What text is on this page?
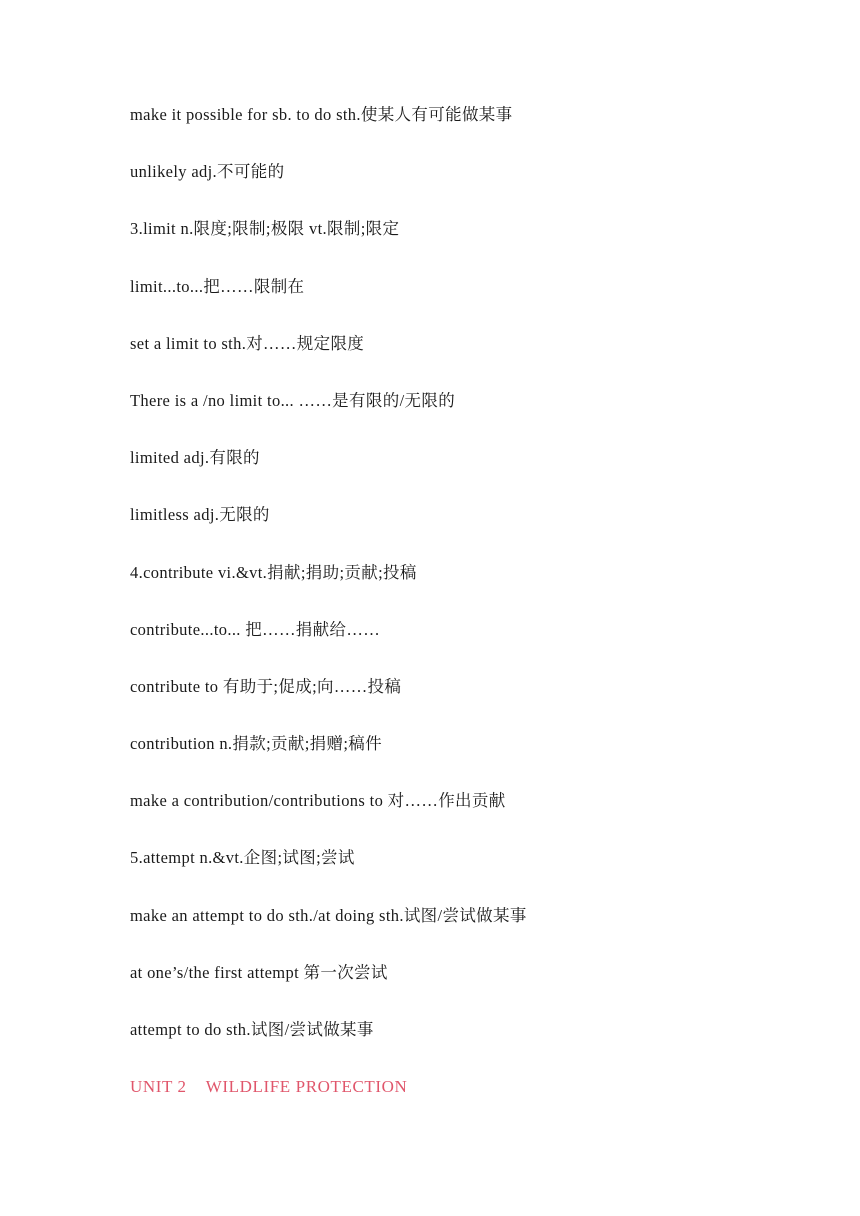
make it possible for sb. to do sth.使某人有可能做某事
unlikely adj.不可能的
3.limit n.限度;限制;极限 vt.限制;限定
limit...to...把……限制在
set a limit to sth.对……规定限度
There is a /no limit to... ……是有限的/无限的
limited adj.有限的
limitless adj.无限的
4.contribute vi.&vt.捐献;捐助;贡献;投稿
contribute...to... 把……捐献给……
contribute to 有助于;促成;向……投稿
contribution n.捐款;贡献;捐赠;稿件
make a contribution/contributions to 对……作出贡献
5.attempt n.&vt.企图;试图;尝试
make an attempt to do sth./at doing sth.试图/尝试做某事
at one’s/the first attempt 第一次尝试
attempt to do sth.试图/尝试做某事
UNIT 2    WILDLIFE PROTECTION
